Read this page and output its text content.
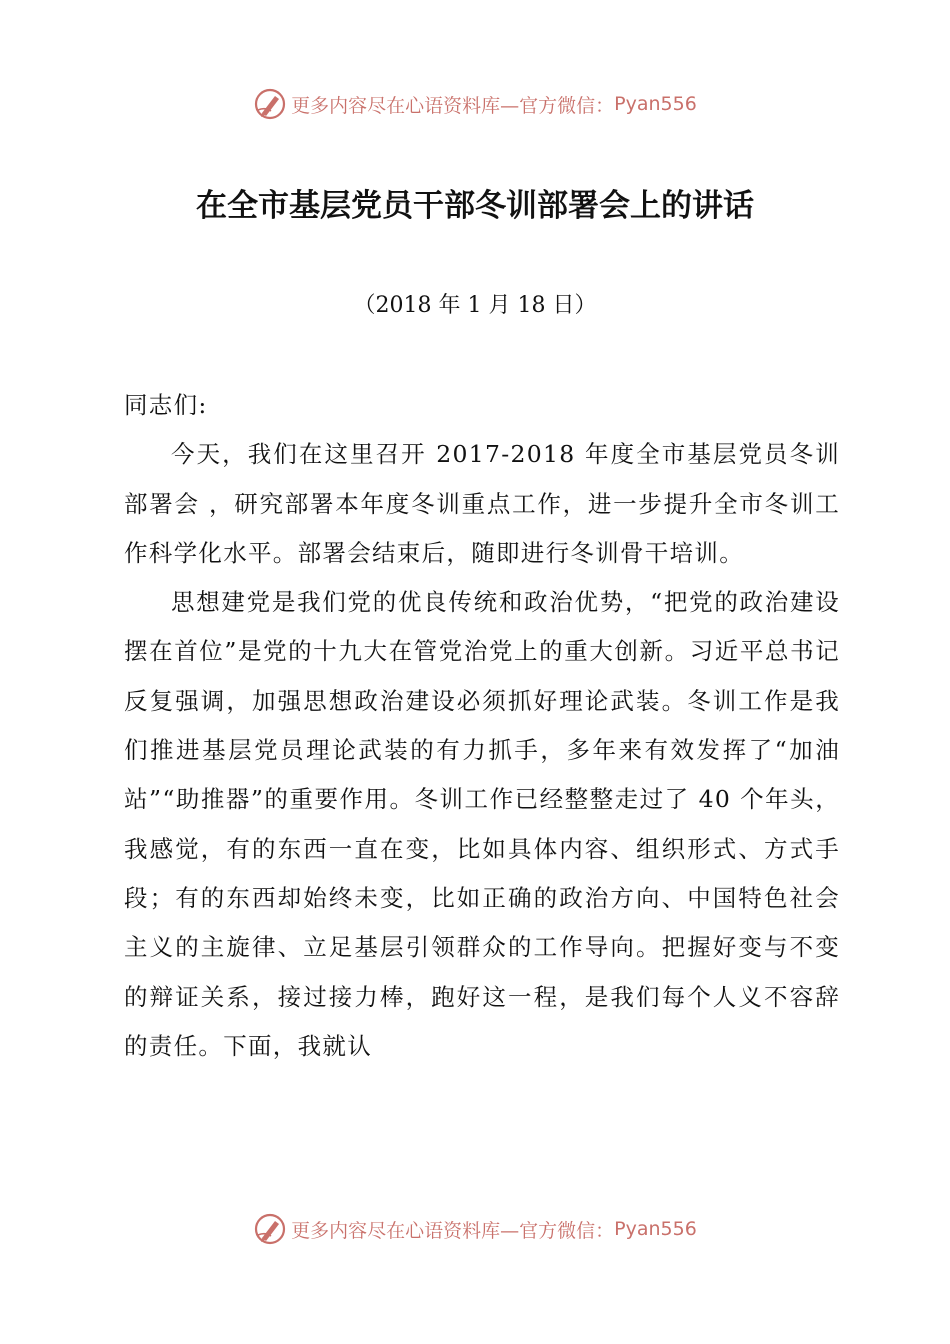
更多内容尽在心语资料库—官方微信： Pyan556
在全市基层党员干部冬训部署会上的讲话
（2018 年 1 月 18 日）

同志们:

今天，我们在这里召开 2017-2018 年度全市基层党员冬训部署会 ，研究部署本年度冬训重点工作，进一步提升全市冬训工作科学化水平。部署会结束后，随即进行冬训骨干培训。

思想建党是我们党的优良传统和政治优势，“把党的政治建设摆在首位”是党的十九大在管党治党上的重大创新。习近平总书记反复强调，加强思想政治建设必须抓好理论武装。冬训工作是我们推进基层党员理论武装的有力抓手，多年来有效发挥了“加油站”“助推器”的重要作用。冬训工作已经整整走过了 40 个年头，我感觉，有的东西一直在变，比如具体内容、组织形式、方式手段；有的东西却始终未变，比如正确的政治方向、中国特色社会主义的主旋律、立足基层引领群众的工作导向。把握好变与不变的辩证关系，接过接力棒，跑好这一程，是我们每个人义不容辞的责任。下面，我就认

更多内容尽在心语资料库—官方微信： Pyan556
